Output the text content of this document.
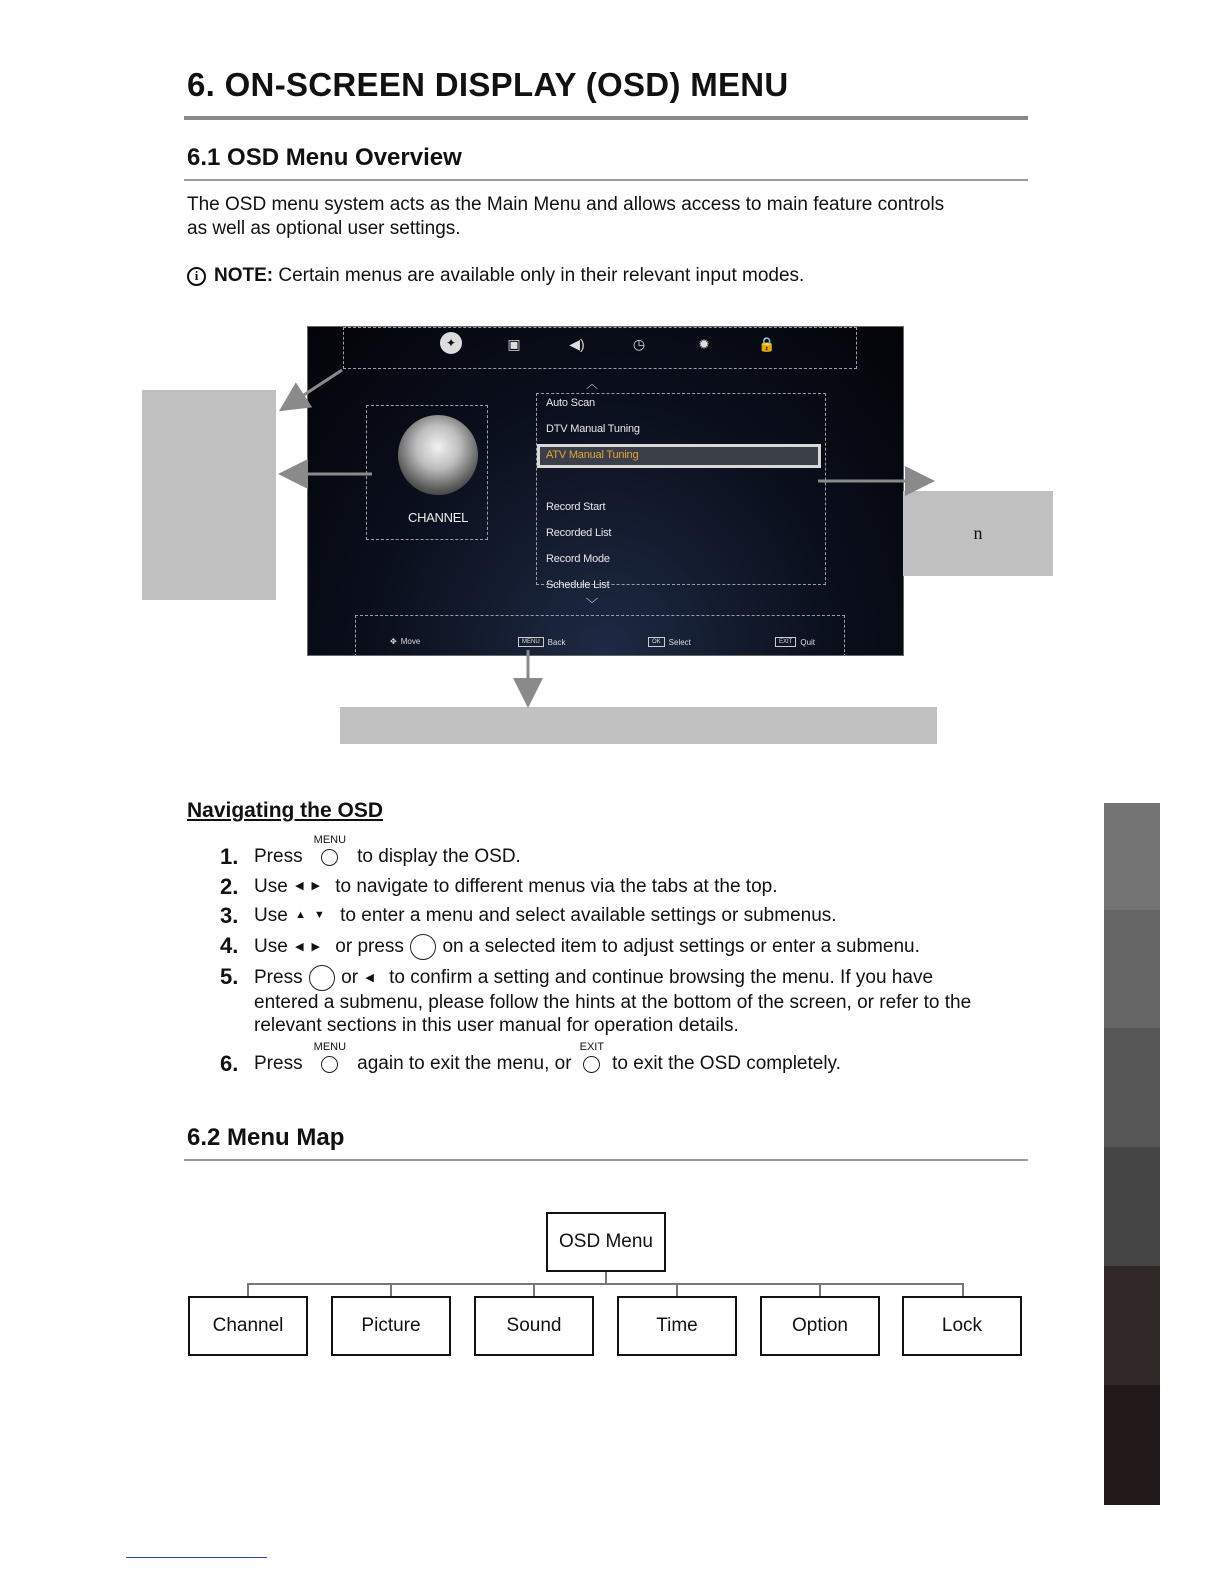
6. ON-SCREEN DISPLAY (OSD) MENU
6.1 OSD Menu Overview
The OSD menu system acts as the Main Menu and allows access to main feature controls
as well as optional user settings.
i NOTE: Certain menus are available only in their relevant input modes.
✦	▣	◀)	◷	✹	🔒
︿
CHANNEL
Auto Scan
DTV Manual Tuning
ATV Manual Tuning
Record Start
Recorded List
Record Mode
Schedule List
﹀
✥ Move	MENU	Back	OK	Select	EXIT	Quit
n
Navigating the OSD
1. Press
MENU
to display the OSD.
2. Use ◀▶ to navigate to different menus via the tabs at the top.
3. Use ▲▼ to enter a menu and select available settings or submenus.
4. Use ◀▶ or press on a selected item to adjust settings or enter a submenu.
5. Press or ◀ to confirm a setting and continue browsing the menu. If you have
entered a submenu, please follow the hints at the bottom of the screen, or refer to the
relevant sections in this user manual for operation details.
6. Press
MENU
again to exit the menu, or
EXIT
to exit the OSD completely.
6.2 Menu Map
OSD Menu
Channel	Picture	Sound	Time	Option	Lock
